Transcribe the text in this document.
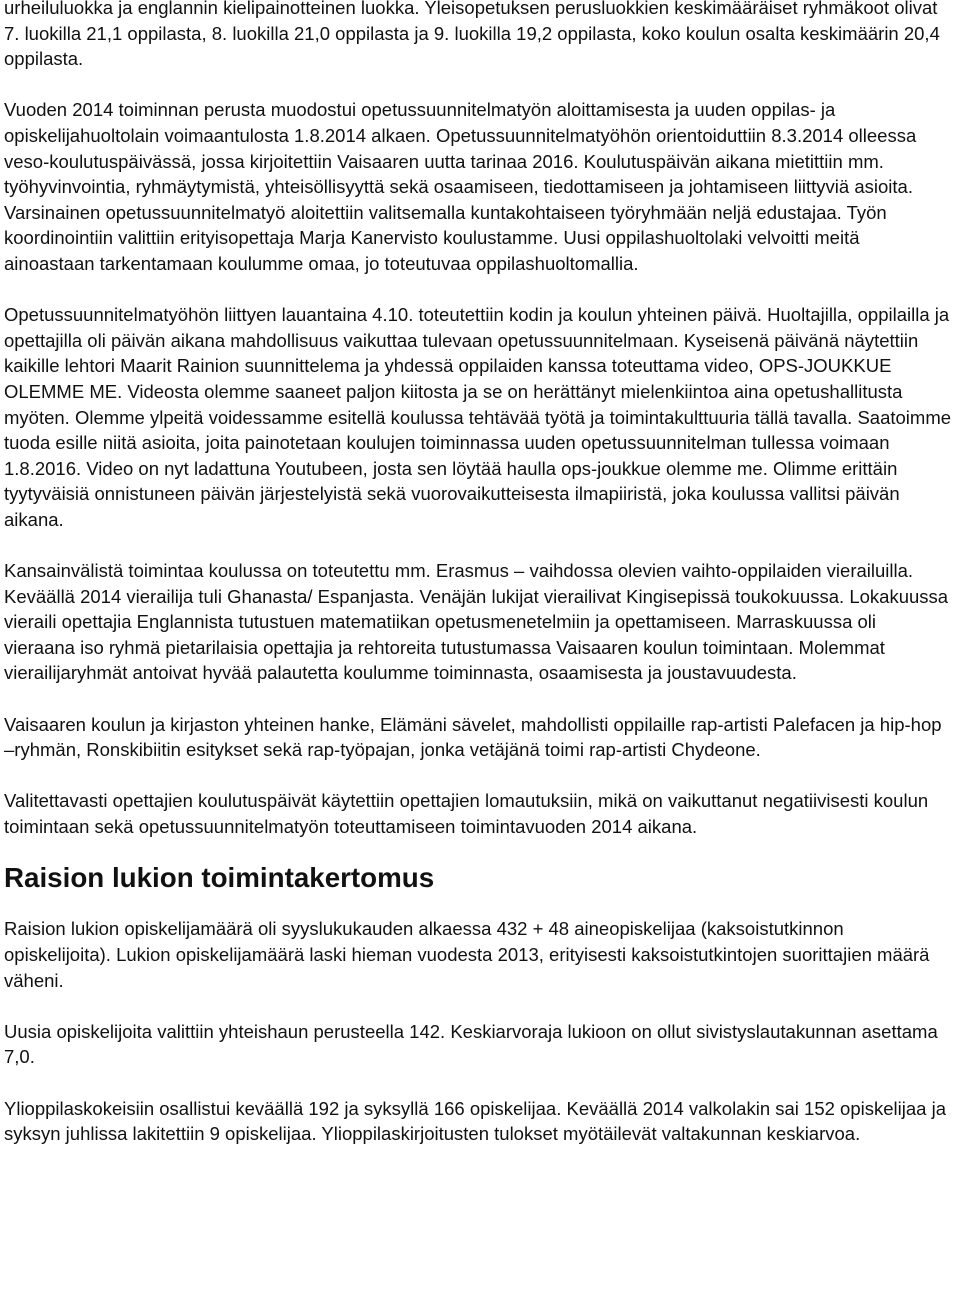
urheiluluokka ja englannin kielipainotteinen luokka. Yleisopetuksen perusluokkien keskimääräiset ryhmäkoot olivat 7. luokilla 21,1 oppilasta, 8. luokilla 21,0 oppilasta ja 9. luokilla 19,2 oppilasta, koko koulun osalta keskimäärin 20,4 oppilasta.

Vuoden 2014 toiminnan perusta muodostui opetussuunnitelmatyön aloittamisesta ja uuden oppilas- ja opiskelijahuoltolain voimaantulosta 1.8.2014 alkaen. Opetussuunnitelmatyöhön orientoiduttiin 8.3.2014 olleessa veso-koulutuspäivässä, jossa kirjoitettiin Vaisaaren uutta tarinaa 2016. Koulutuspäivän aikana mietittiin mm. työhyvinvointia, ryhmäytymistä, yhteisöllisyyttä sekä osaamiseen, tiedottamiseen ja johtamiseen liittyviä asioita. Varsinainen opetussuunnitelmatyö aloitettiin valitsemalla kuntakohtaiseen työryhmään neljä edustajaa. Työn koordinointiin valittiin erityisopettaja Marja Kanervisto koulustamme. Uusi oppilashuoltolaki velvoitti meitä ainoastaan tarkentamaan koulumme omaa, jo toteutuvaa oppilashuoltomallia.

Opetussuunnitelmatyöhön liittyen lauantaina 4.10. toteutettiin kodin ja koulun yhteinen päivä. Huoltajilla, oppilailla ja opettajilla oli päivän aikana mahdollisuus vaikuttaa tulevaan opetussuunnitelmaan. Kyseisenä päivänä näytettiin kaikille lehtori Maarit Rainion suunnittelema ja yhdessä oppilaiden kanssa toteuttama video, OPS-JOUKKUE OLEMME ME. Videosta olemme saaneet paljon kiitosta ja se on herättänyt mielenkiintoa aina opetushallitusta myöten. Olemme ylpeitä voidessamme esitellä koulussa tehtävää työtä ja toimintakulttuuria tällä tavalla. Saatoimme tuoda esille niitä asioita, joita painotetaan koulujen toiminnassa uuden opetussuunnitelman tullessa voimaan 1.8.2016. Video on nyt ladattuna Youtubeen, josta sen löytää haulla ops-joukkue olemme me. Olimme erittäin tyytyväisiä onnistuneen päivän järjestelyistä sekä vuorovaikutteisesta ilmapiiristä, joka koulussa vallitsi päivän aikana.

Kansainvälistä toimintaa koulussa on toteutettu mm. Erasmus – vaihdossa olevien vaihto-oppilaiden vierailuilla. Keväällä 2014 vierailija tuli Ghanasta/ Espanjasta. Venäjän lukijat vierailivat Kingisepissä toukokuussa. Lokakuussa vieraili opettajia Englannista tutustuen matematiikan opetusmenetelmiin ja opettamiseen. Marraskuussa oli vieraana iso ryhmä pietarilaisia opettajia ja rehtoreita tutustumassa Vaisaaren koulun toimintaan. Molemmat vierailijaryhmät antoivat hyvää palautetta koulumme toiminnasta, osaamisesta ja joustavuudesta.

Vaisaaren koulun ja kirjaston yhteinen hanke, Elämäni sävelet, mahdollisti oppilaille rap-artisti Palefacen ja hip-hop –ryhmän, Ronskibiitin esitykset sekä rap-työpajan, jonka vetäjänä toimi rap-artisti Chydeone.

Valitettavasti opettajien koulutuspäivät käytettiin opettajien lomautuksiin, mikä on vaikuttanut negatiivisesti koulun toimintaan sekä opetussuunnitelmatyön toteuttamiseen toimintavuoden 2014 aikana.

Raision lukion toimintakertomus

Raision lukion opiskelijamäärä oli syyslukukauden alkaessa 432 + 48 aineopiskelijaa (kaksoistutkinnon opiskelijoita). Lukion opiskelijamäärä laski hieman vuodesta 2013, erityisesti kaksoistutkintojen suorittajien määrä väheni.

Uusia opiskelijoita valittiin yhteishaun perusteella 142. Keskiarvoraja lukioon on ollut sivistyslautakunnan asettama 7,0.

Ylioppilaskokeisiin osallistui keväällä 192 ja syksyllä 166 opiskelijaa. Keväällä 2014 valkolakin sai 152 opiskelijaa ja syksyn juhlissa lakitettiin 9 opiskelijaa. Ylioppilaskirjoitusten tulokset myötäilevät valtakunnan keskiarvoa.
